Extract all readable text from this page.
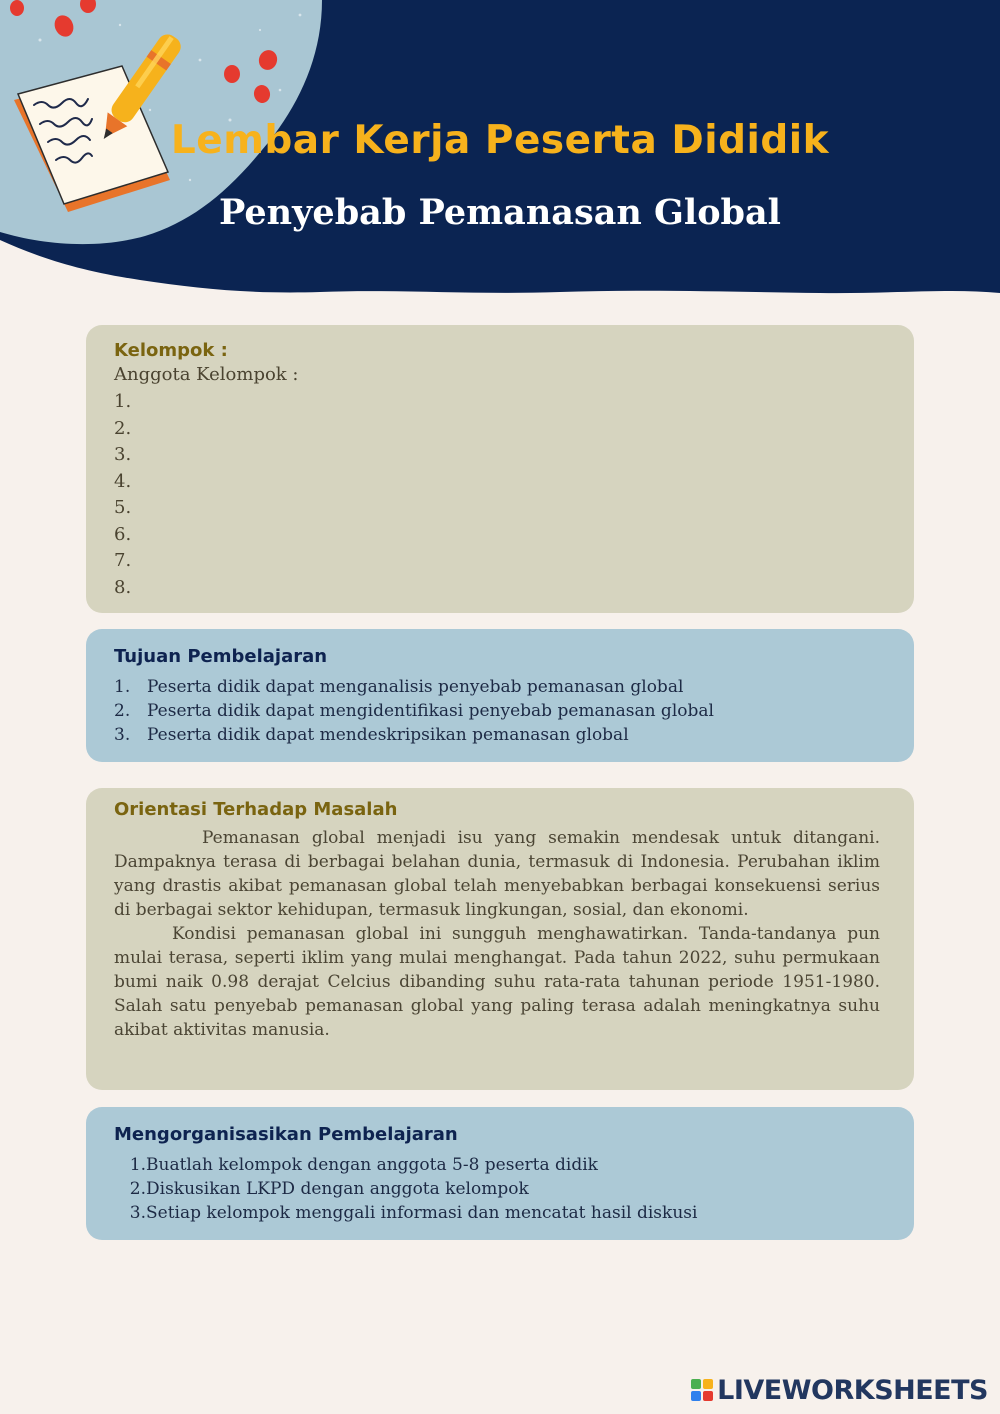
Lembar Kerja Peserta Dididik
Penyebab Pemanasan Global
Kelompok :
Anggota Kelompok :
1.
2.
3.
4.
5.
6.
7.
8.
Tujuan Pembelajaran
1. Peserta didik dapat menganalisis penyebab pemanasan global
2. Peserta didik dapat mengidentifikasi penyebab pemanasan global
3. Peserta didik dapat mendeskripsikan pemanasan global
Orientasi Terhadap Masalah

Pemanasan global menjadi isu yang semakin mendesak untuk ditangani. Dampaknya terasa di berbagai belahan dunia, termasuk di Indonesia. Perubahan iklim yang drastis akibat pemanasan global telah menyebabkan berbagai konsekuensi serius di berbagai sektor kehidupan, termasuk lingkungan, sosial, dan ekonomi.

Kondisi pemanasan global ini sungguh menghawatirkan. Tanda-tandanya pun mulai terasa, seperti iklim yang mulai menghangat. Pada tahun 2022, suhu permukaan bumi naik 0.98 derajat Celcius dibanding suhu rata-rata tahunan periode 1951-1980. Salah satu penyebab pemanasan global yang paling terasa adalah meningkatnya suhu akibat aktivitas manusia.

Mengorganisasikan Pembelajaran
1. Buatlah kelompok dengan anggota 5-8 peserta didik
2. Diskusikan LKPD dengan anggota kelompok
3. Setiap kelompok menggali informasi dan mencatat hasil diskusi
LIVEWORKSHEETS
